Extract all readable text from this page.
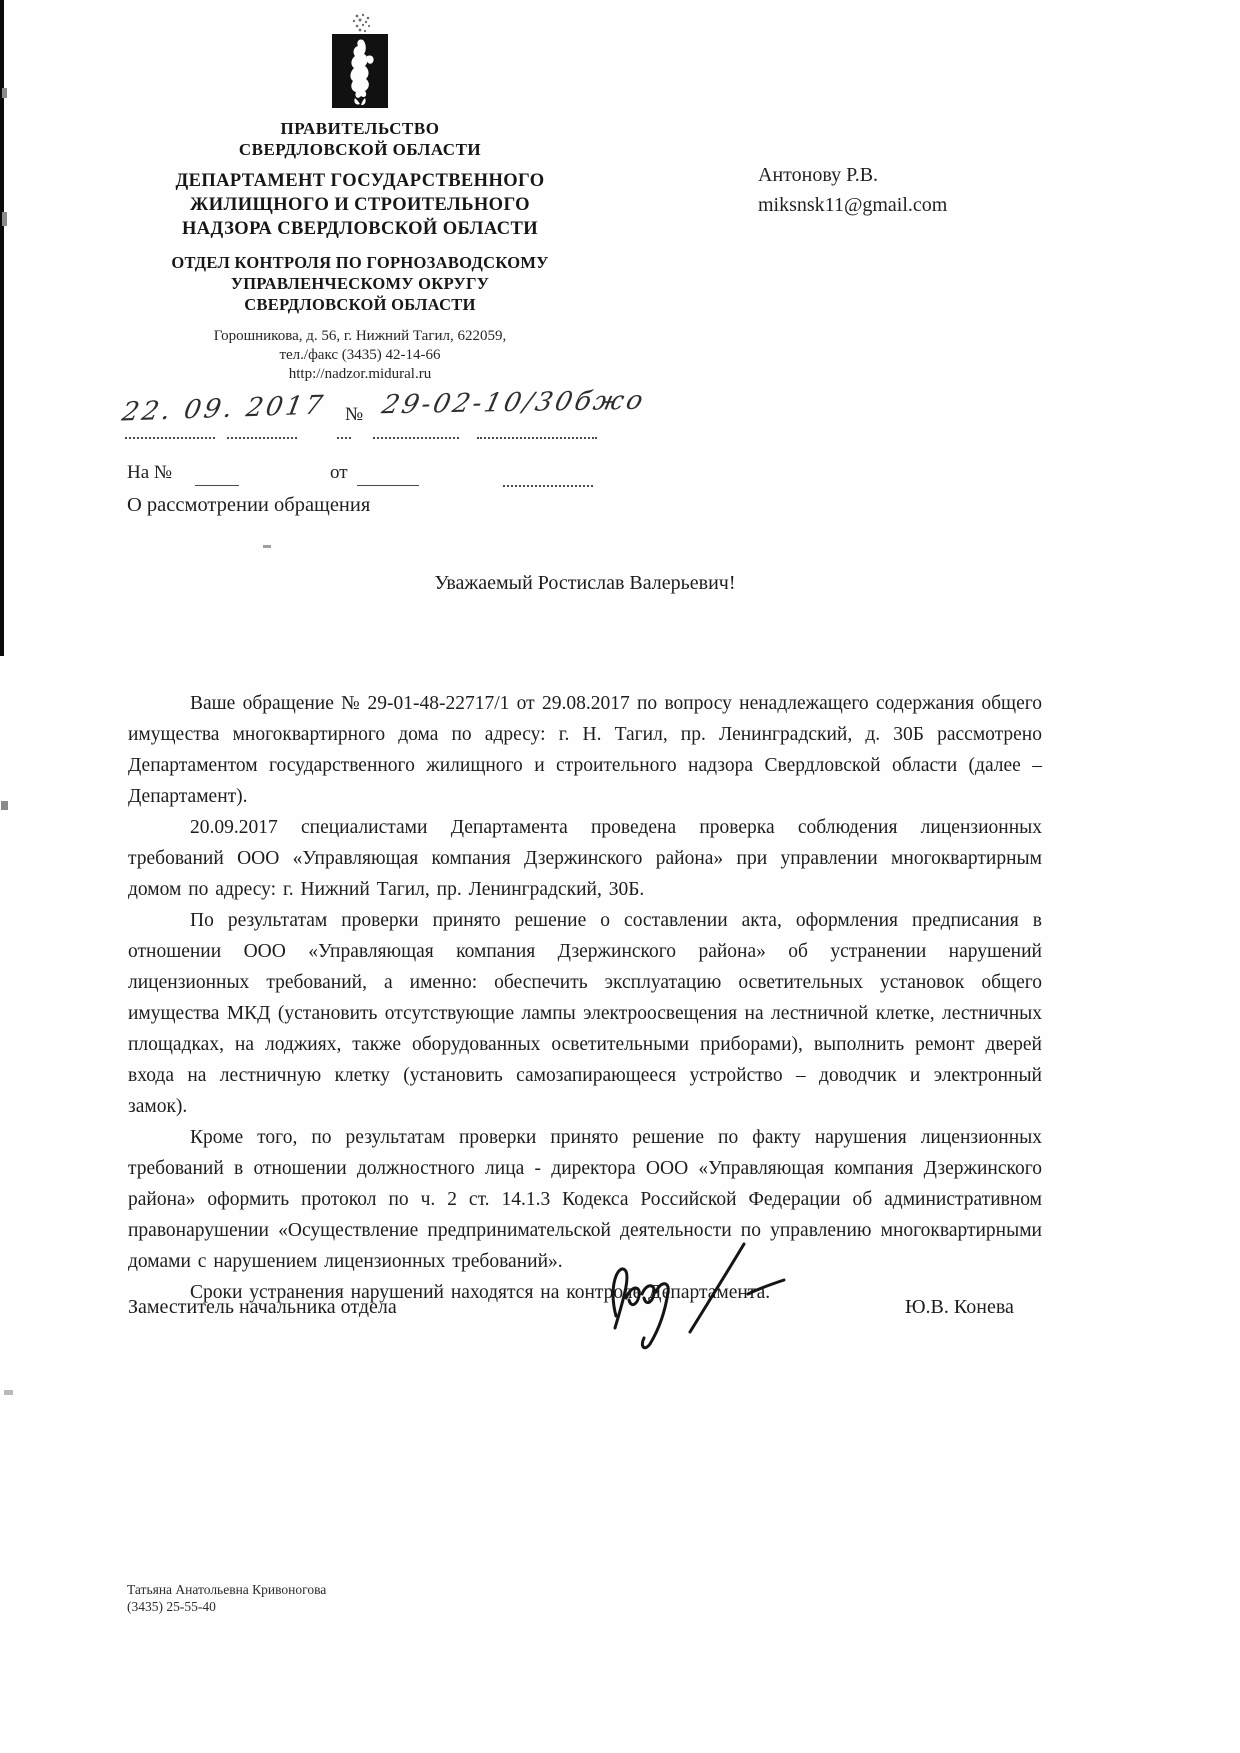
ПРАВИТЕЛЬСТВО
СВЕРДЛОВСКОЙ ОБЛАСТИ
ДЕПАРТАМЕНТ ГОСУДАРСТВЕННОГО
ЖИЛИЩНОГО И СТРОИТЕЛЬНОГО
НАДЗОРА СВЕРДЛОВСКОЙ ОБЛАСТИ
ОТДЕЛ КОНТРОЛЯ ПО ГОРНОЗАВОДСКОМУ
УПРАВЛЕНЧЕСКОМУ ОКРУГУ
СВЕРДЛОВСКОЙ ОБЛАСТИ
Горошникова, д. 56, г. Нижний Тагил, 622059,
тел./факс (3435) 42-14-66
http://nadzor.midural.ru
Антонову Р.В.
miksnsk11@gmail.com
22. 09. 2017 № 29-02-10/30бжо
На №	от
О рассмотрении обращения
Уважаемый Ростислав Валерьевич!

Ваше обращение № 29-01-48-22717/1 от 29.08.2017 по вопросу ненадлежащего содержания общего имущества многоквартирного дома по адресу: г. Н. Тагил, пр. Ленинградский, д. 30Б рассмотрено Департаментом государственного жилищного и строительного надзора Свердловской области (далее – Департамент).

20.09.2017 специалистами Департамента проведена проверка соблюдения лицензионных требований ООО «Управляющая компания Дзержинского района» при управлении многоквартирным домом по адресу: г. Нижний Тагил, пр. Ленинградский, 30Б.

По результатам проверки принято решение о составлении акта, оформления предписания в отношении ООО «Управляющая компания Дзержинского района» об устранении нарушений лицензионных требований, а именно: обеспечить эксплуатацию осветительных установок общего имущества МКД (установить отсутствующие лампы электроосвещения на лестничной клетке, лестничных площадках, на лоджиях, также оборудованных осветительными приборами), выполнить ремонт дверей входа на лестничную клетку (установить самозапирающееся устройство – доводчик и электронный замок).

Кроме того, по результатам проверки принято решение по факту нарушения лицензионных требований в отношении должностного лица - директора ООО «Управляющая компания Дзержинского района» оформить протокол по ч. 2 ст. 14.1.3 Кодекса Российской Федерации об административном правонарушении «Осуществление предпринимательской деятельности по управлению многоквартирными домами с нарушением лицензионных требований».

Сроки устранения нарушений находятся на контроле Департамента.

Заместитель начальника отдела	Ю.В. Конева
Татьяна Анатольевна Кривоногова
(3435) 25-55-40
